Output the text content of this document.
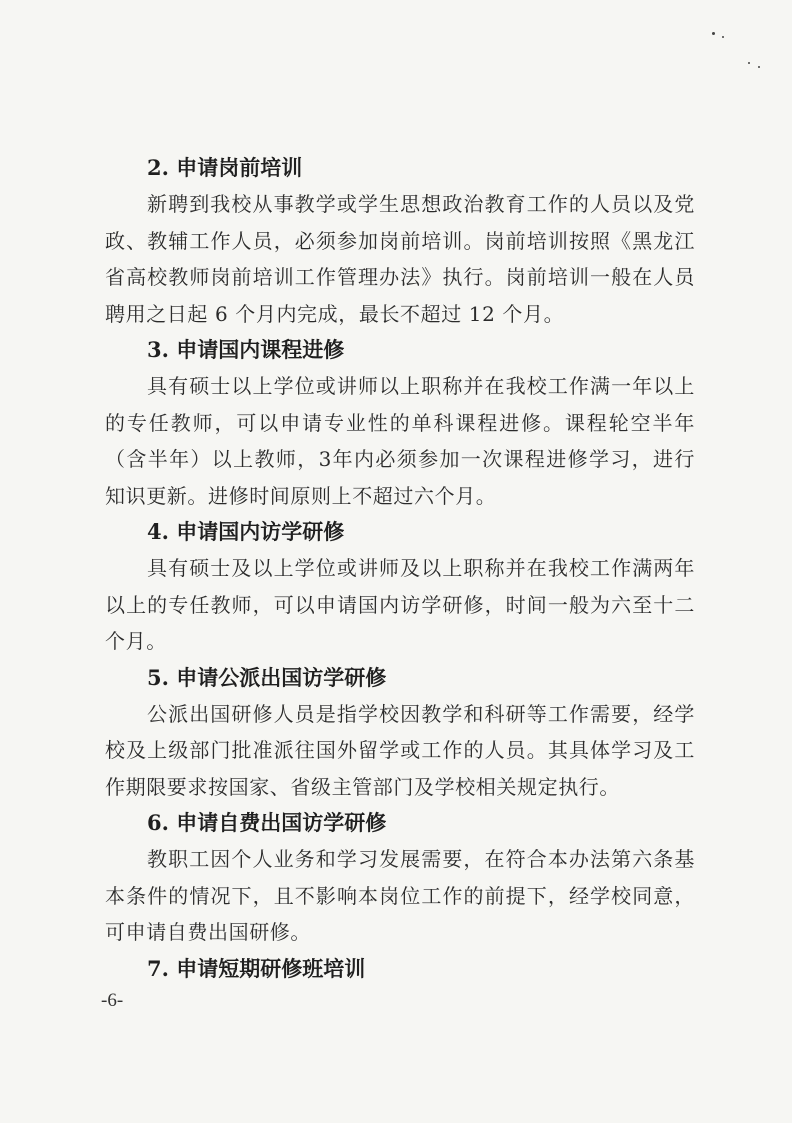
2. 申请岗前培训

新聘到我校从事教学或学生思想政治教育工作的人员以及党政、教辅工作人员，必须参加岗前培训。岗前培训按照《黑龙江省高校教师岗前培训工作管理办法》执行。岗前培训一般在人员聘用之日起 6 个月内完成，最长不超过 12 个月。

3. 申请国内课程进修

具有硕士以上学位或讲师以上职称并在我校工作满一年以上的专任教师，可以申请专业性的单科课程进修。课程轮空半年（含半年）以上教师，3年内必须参加一次课程进修学习，进行知识更新。进修时间原则上不超过六个月。

4. 申请国内访学研修

具有硕士及以上学位或讲师及以上职称并在我校工作满两年以上的专任教师，可以申请国内访学研修，时间一般为六至十二个月。

5. 申请公派出国访学研修

公派出国研修人员是指学校因教学和科研等工作需要，经学校及上级部门批准派往国外留学或工作的人员。其具体学习及工作期限要求按国家、省级主管部门及学校相关规定执行。

6. 申请自费出国访学研修

教职工因个人业务和学习发展需要，在符合本办法第六条基本条件的情况下，且不影响本岗位工作的前提下，经学校同意，可申请自费出国研修。

7. 申请短期研修班培训
-6-
